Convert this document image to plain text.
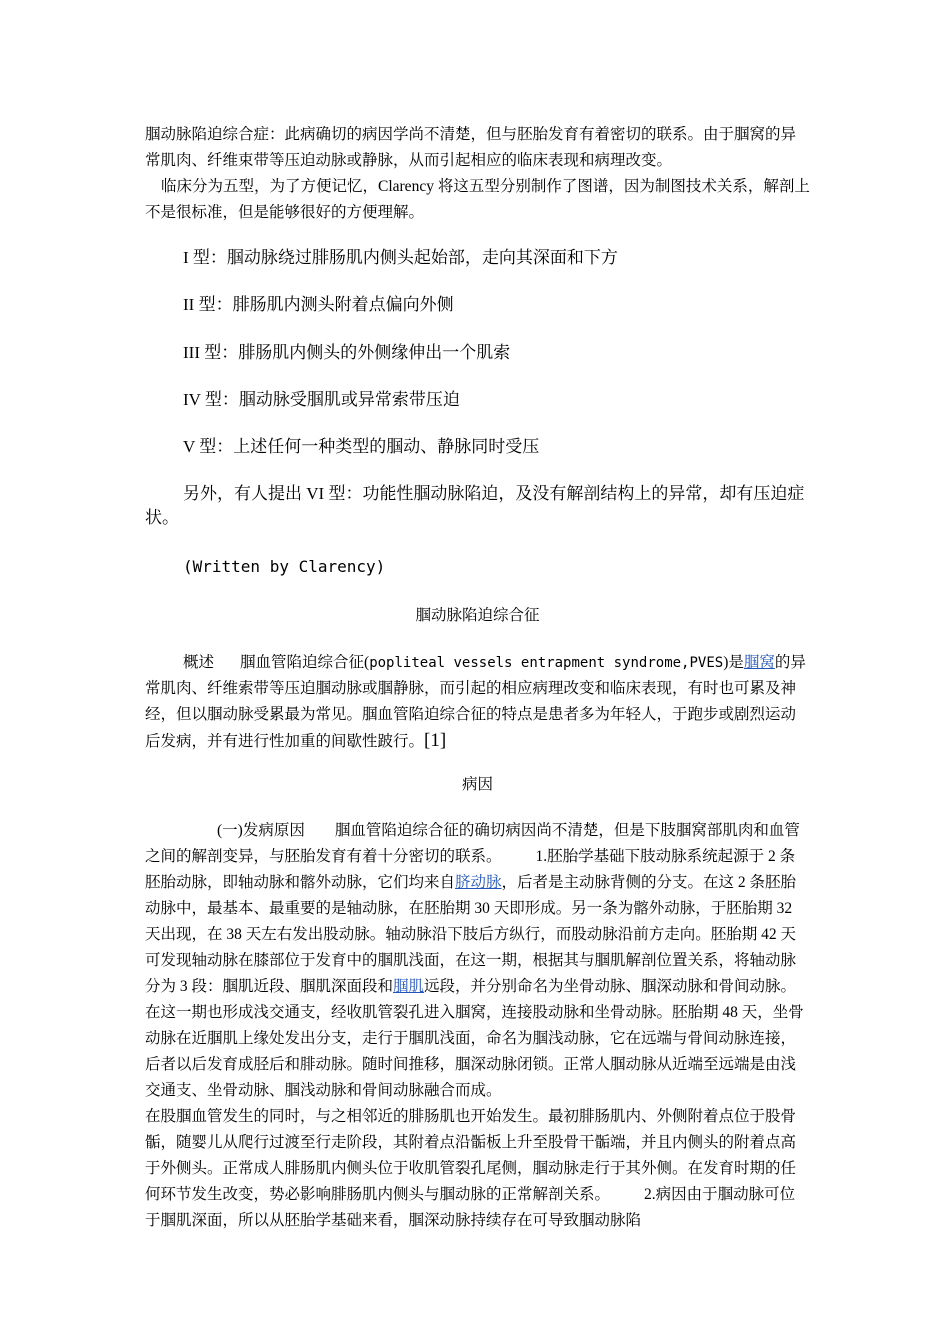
腘动脉陷迫综合症：此病确切的病因学尚不清楚，但与胚胎发育有着密切的联系。由于腘窝的异常肌肉、纤维束带等压迫动脉或静脉，从而引起相应的临床表现和病理改变。
临床分为五型，为了方便记忆，Clarency 将这五型分别制作了图谱，因为制图技术关系，解剖上不是很标准，但是能够很好的方便理解。
I 型：腘动脉绕过腓肠肌内侧头起始部，走向其深面和下方
II 型：腓肠肌内测头附着点偏向外侧
III 型：腓肠肌内侧头的外侧缘伸出一个肌索
IV 型：腘动脉受腘肌或异常索带压迫
V 型：上述任何一种类型的腘动、静脉同时受压
另外，有人提出 VI 型：功能性腘动脉陷迫，及没有解剖结构上的异常，却有压迫症状。
(Written by Clarency)
腘动脉陷迫综合征
概述 腘血管陷迫综合征(popliteal vessels entrapment syndrome,PVES)是腘窝的异常肌肉、纤维索带等压迫腘动脉或腘静脉，而引起的相应病理改变和临床表现，有时也可累及神经，但以腘动脉受累最为常见。腘血管陷迫综合征的特点是患者多为年轻人，于跑步或剧烈运动后发病，并有进行性加重的间歇性跛行。[1]
病因
(一)发病原因 腘血管陷迫综合征的确切病因尚不清楚，但是下肢腘窝部肌肉和血管之间的解剖变异，与胚胎发育有着十分密切的联系。 1.胚胎学基础下肢动脉系统起源于 2 条胚胎动脉，即轴动脉和髂外动脉，它们均来自脐动脉，后者是主动脉背侧的分支。在这 2 条胚胎动脉中，最基本、最重要的是轴动脉，在胚胎期 30 天即形成。另一条为髂外动脉，于胚胎期 32 天出现，在 38 天左右发出股动脉。轴动脉沿下肢后方纵行，而股动脉沿前方走向。胚胎期 42 天可发现轴动脉在膝部位于发育中的腘肌浅面，在这一期，根据其与腘肌解剖位置关系，将轴动脉分为 3 段：腘肌近段、腘肌深面段和腘肌远段，并分别命名为坐骨动脉、腘深动脉和骨间动脉。在这一期也形成浅交通支，经收肌管裂孔进入腘窝，连接股动脉和坐骨动脉。胚胎期 48 天，坐骨动脉在近腘肌上缘处发出分支，走行于腘肌浅面，命名为腘浅动脉，它在远端与骨间动脉连接，后者以后发育成胫后和腓动脉。随时间推移，腘深动脉闭锁。正常人腘动脉从近端至远端是由浅交通支、坐骨动脉、腘浅动脉和骨间动脉融合而成。
在股腘血管发生的同时，与之相邻近的腓肠肌也开始发生。最初腓肠肌内、外侧附着点位于股骨骺，随婴儿从爬行过渡至行走阶段，其附着点沿骺板上升至股骨干骺端，并且内侧头的附着点高于外侧头。正常成人腓肠肌内侧头位于收肌管裂孔尾侧，腘动脉走行于其外侧。在发育时期的任何环节发生改变，势必影响腓肠肌内侧头与腘动脉的正常解剖关系。 2.病因由于腘动脉可位于腘肌深面，所以从胚胎学基础来看，腘深动脉持续存在可导致腘动脉陷
